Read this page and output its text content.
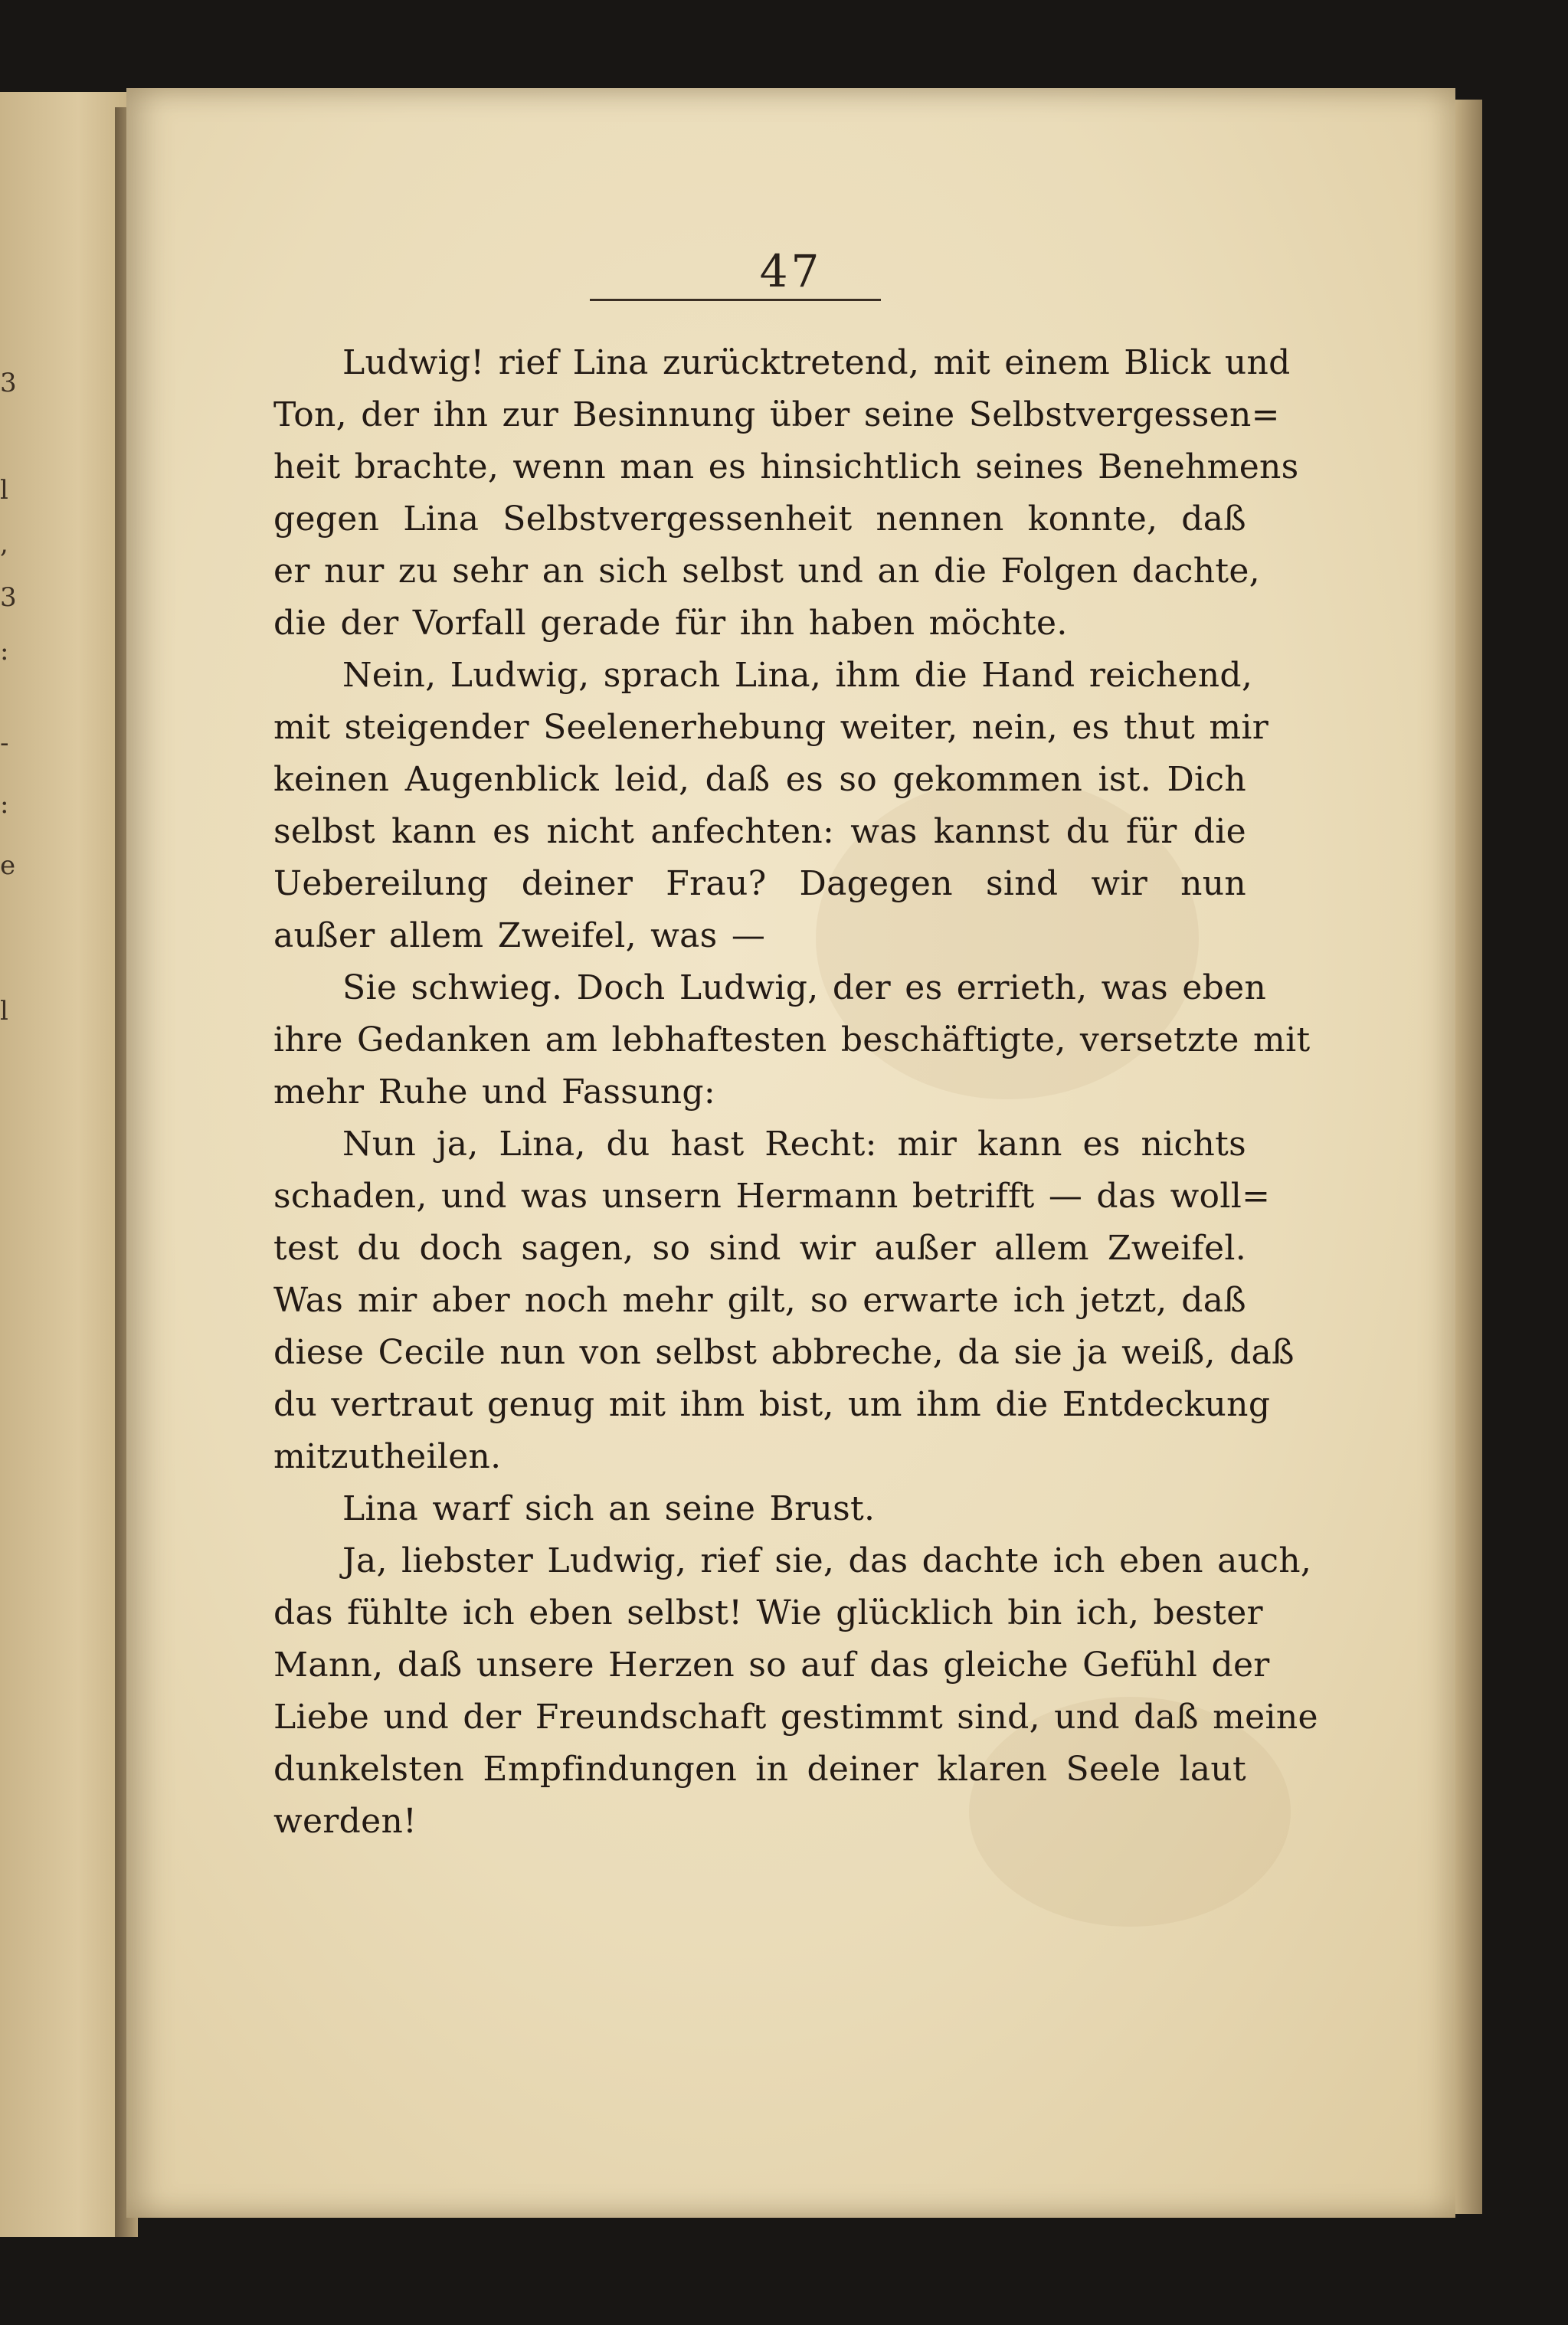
3
l
,
3
:
-
:
e
l
47
Ludwig! rief Lina zurücktretend, mit einem Blick und
Ton, der ihn zur Besinnung über seine Selbstvergessen=
heit brachte, wenn man es hinsichtlich seines Benehmens
gegen Lina Selbstvergessenheit nennen konnte, daß
er nur zu sehr an sich selbst und an die Folgen dachte,
die der Vorfall gerade für ihn haben möchte.
Nein, Ludwig, sprach Lina, ihm die Hand reichend,
mit steigender Seelenerhebung weiter, nein, es thut mir
keinen Augenblick leid, daß es so gekommen ist. Dich
selbst kann es nicht anfechten: was kannst du für die
Uebereilung deiner Frau? Dagegen sind wir nun
außer allem Zweifel, was —
Sie schwieg. Doch Ludwig, der es errieth, was eben
ihre Gedanken am lebhaftesten beschäftigte, versetzte mit
mehr Ruhe und Fassung:
Nun ja, Lina, du hast Recht: mir kann es nichts
schaden, und was unsern Hermann betrifft — das woll=
test du doch sagen, so sind wir außer allem Zweifel.
Was mir aber noch mehr gilt, so erwarte ich jetzt, daß
diese Cecile nun von selbst abbreche, da sie ja weiß, daß
du vertraut genug mit ihm bist, um ihm die Entdeckung
mitzutheilen.
Lina warf sich an seine Brust.
Ja, liebster Ludwig, rief sie, das dachte ich eben auch,
das fühlte ich eben selbst! Wie glücklich bin ich, bester
Mann, daß unsere Herzen so auf das gleiche Gefühl der
Liebe und der Freundschaft gestimmt sind, und daß meine
dunkelsten Empfindungen in deiner klaren Seele laut
werden!
